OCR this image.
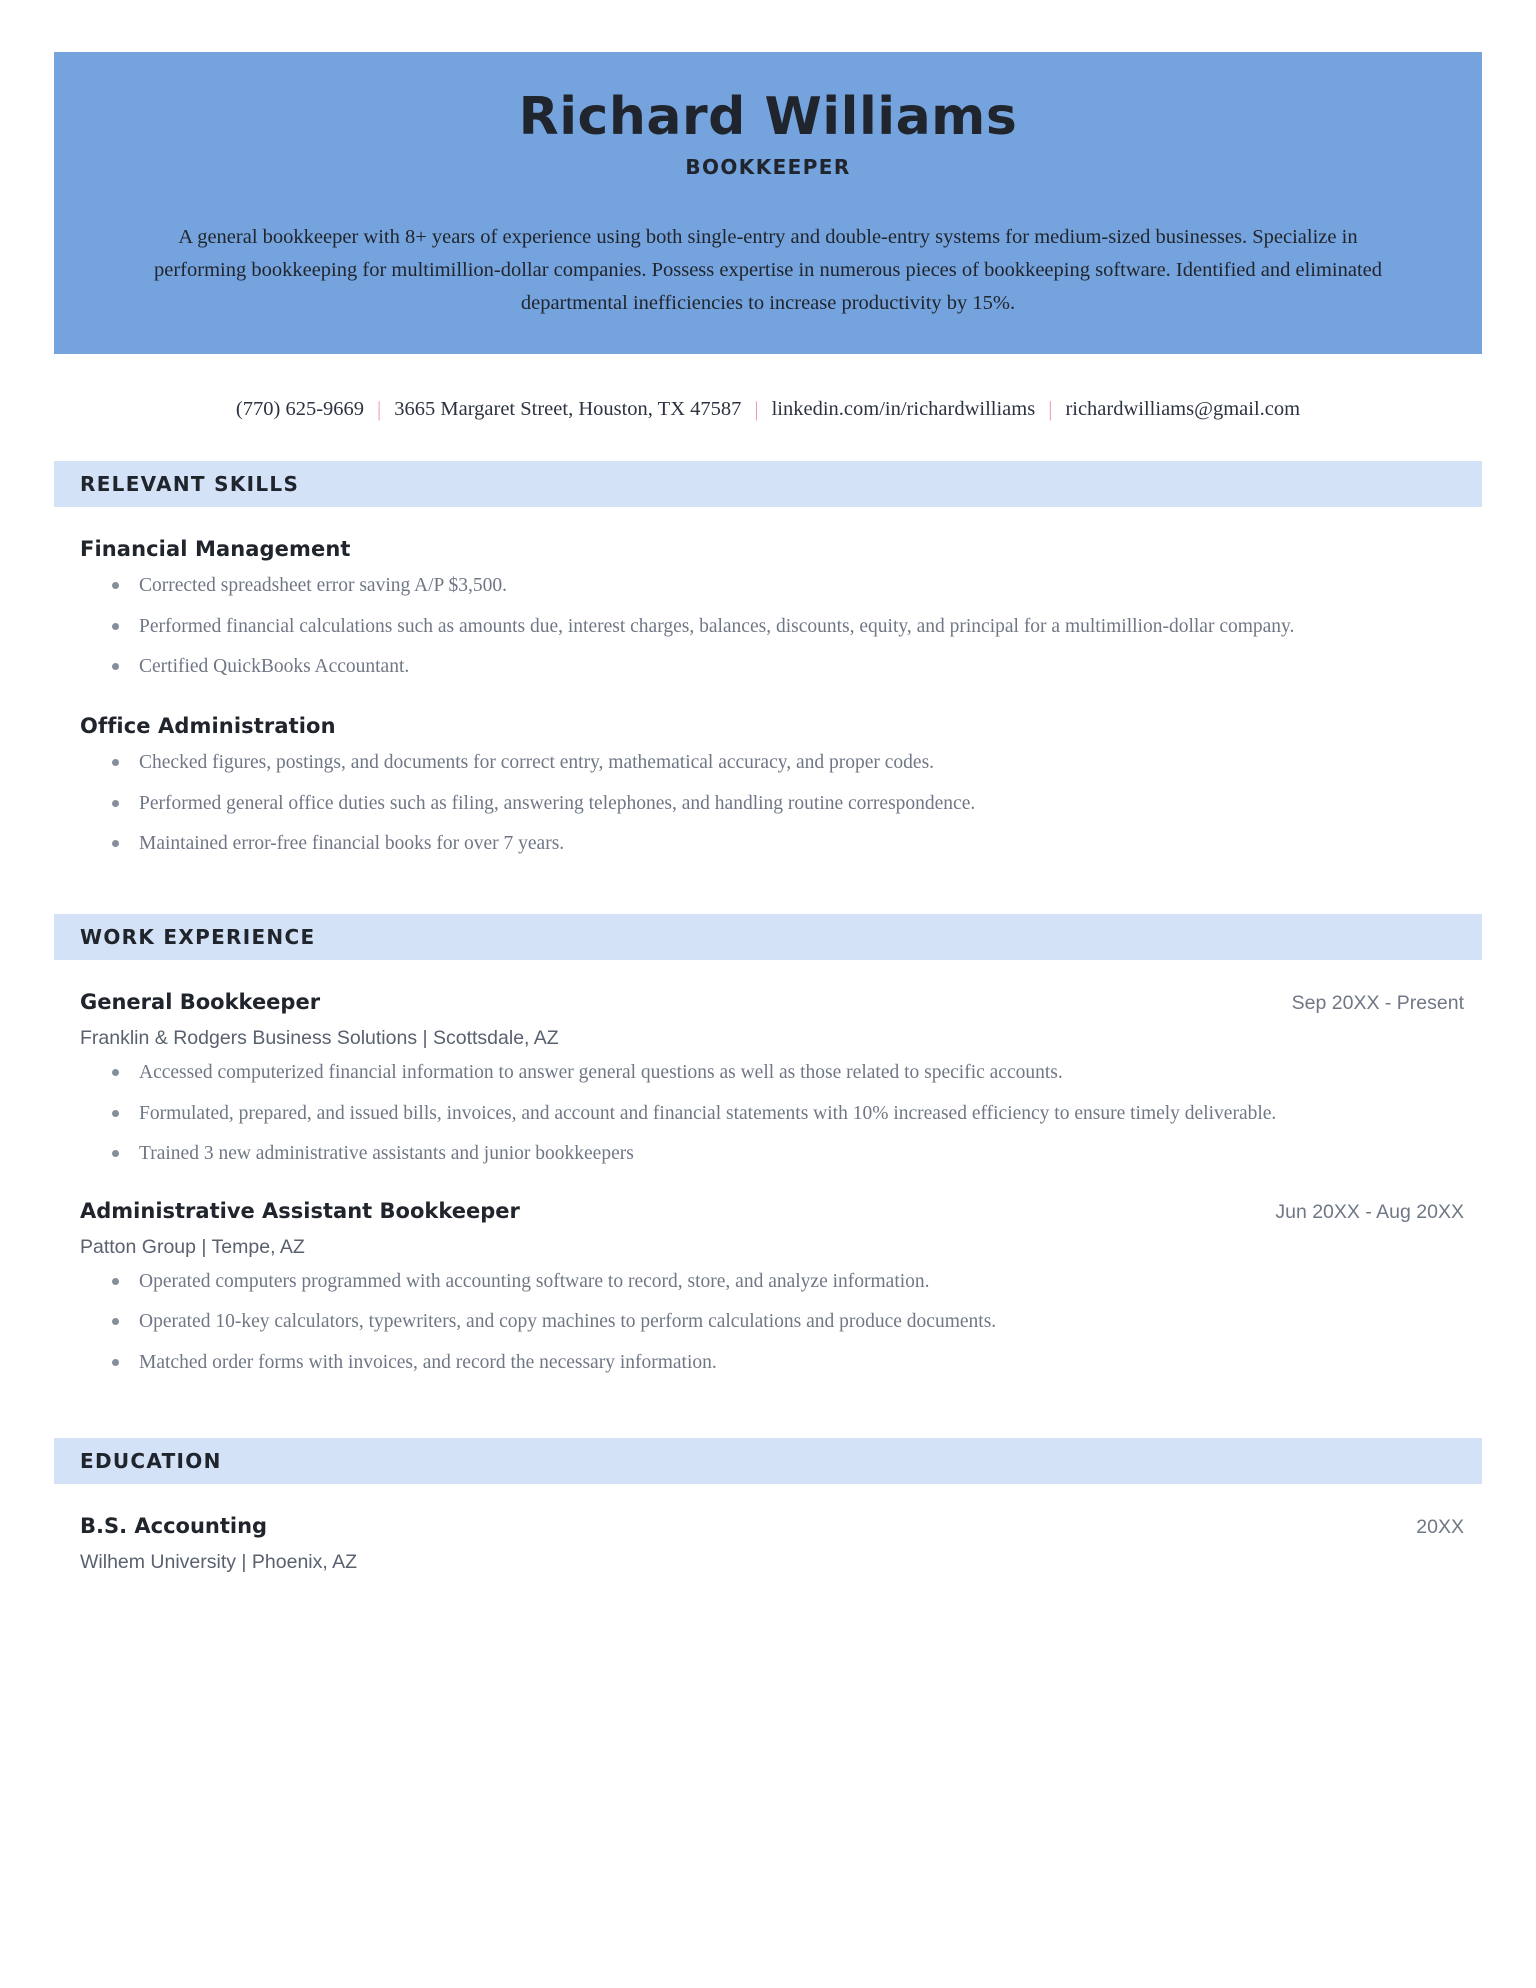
Richard Williams
BOOKKEEPER

A general bookkeeper with 8+ years of experience using both single-entry and double-entry systems for medium-sized businesses. Specialize in performing bookkeeping for multimillion-dollar companies. Possess expertise in numerous pieces of bookkeeping software. Identified and eliminated departmental inefficiencies to increase productivity by 15%.

(770) 625-9669 | 3665 Margaret Street, Houston, TX 47587 | linkedin.com/in/richardwilliams | richardwilliams@gmail.com
RELEVANT SKILLS
Financial Management
Corrected spreadsheet error saving A/P $3,500.
Performed financial calculations such as amounts due, interest charges, balances, discounts, equity, and principal for a multimillion-dollar company.
Certified QuickBooks Accountant.
Office Administration
Checked figures, postings, and documents for correct entry, mathematical accuracy, and proper codes.
Performed general office duties such as filing, answering telephones, and handling routine correspondence.
Maintained error-free financial books for over 7 years.
WORK EXPERIENCE
General Bookkeeper	Sep 20XX - Present
Franklin & Rodgers Business Solutions | Scottsdale, AZ
Accessed computerized financial information to answer general questions as well as those related to specific accounts.
Formulated, prepared, and issued bills, invoices, and account and financial statements with 10% increased efficiency to ensure timely deliverable.
Trained 3 new administrative assistants and junior bookkeepers
Administrative Assistant Bookkeeper	Jun 20XX - Aug 20XX
Patton Group | Tempe, AZ
Operated computers programmed with accounting software to record, store, and analyze information.
Operated 10-key calculators, typewriters, and copy machines to perform calculations and produce documents.
Matched order forms with invoices, and record the necessary information.
EDUCATION
B.S. Accounting	20XX
Wilhem University | Phoenix, AZ
